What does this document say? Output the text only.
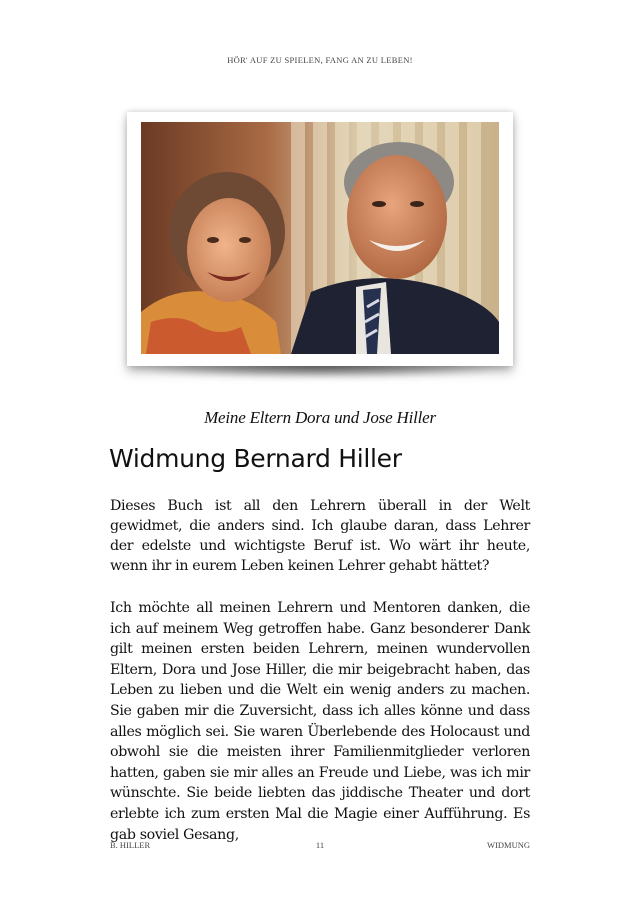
HÖR' AUF ZU SPIELEN, FANG AN ZU LEBEN!
Meine Eltern Dora und Jose Hiller
Widmung Bernard Hiller

Dieses Buch ist all den Lehrern überall in der Welt gewidmet, die anders sind. Ich glaube daran, dass Lehrer der edelste und wichtigste Beruf ist. Wo wärt ihr heute, wenn ihr in eurem Leben keinen Lehrer gehabt hättet?

Ich möchte all meinen Lehrern und Mentoren danken, die ich auf meinem Weg getroffen habe. Ganz besonderer Dank gilt meinen ersten beiden Lehrern, meinen wundervollen Eltern, Dora und Jose Hiller, die mir beigebracht haben, das Leben zu lieben und die Welt ein wenig anders zu machen. Sie gaben mir die Zuversicht, dass ich alles könne und dass alles möglich sei. Sie waren Überlebende des Holocaust und obwohl sie die meisten ihrer Familienmitglieder verloren hatten, gaben sie mir alles an Freude und Liebe, was ich mir wünschte. Sie beide liebten das jiddische Theater und dort erlebte ich zum ersten Mal die Magie einer Aufführung. Es gab soviel Gesang,

B. HILLER	11	WIDMUNG
